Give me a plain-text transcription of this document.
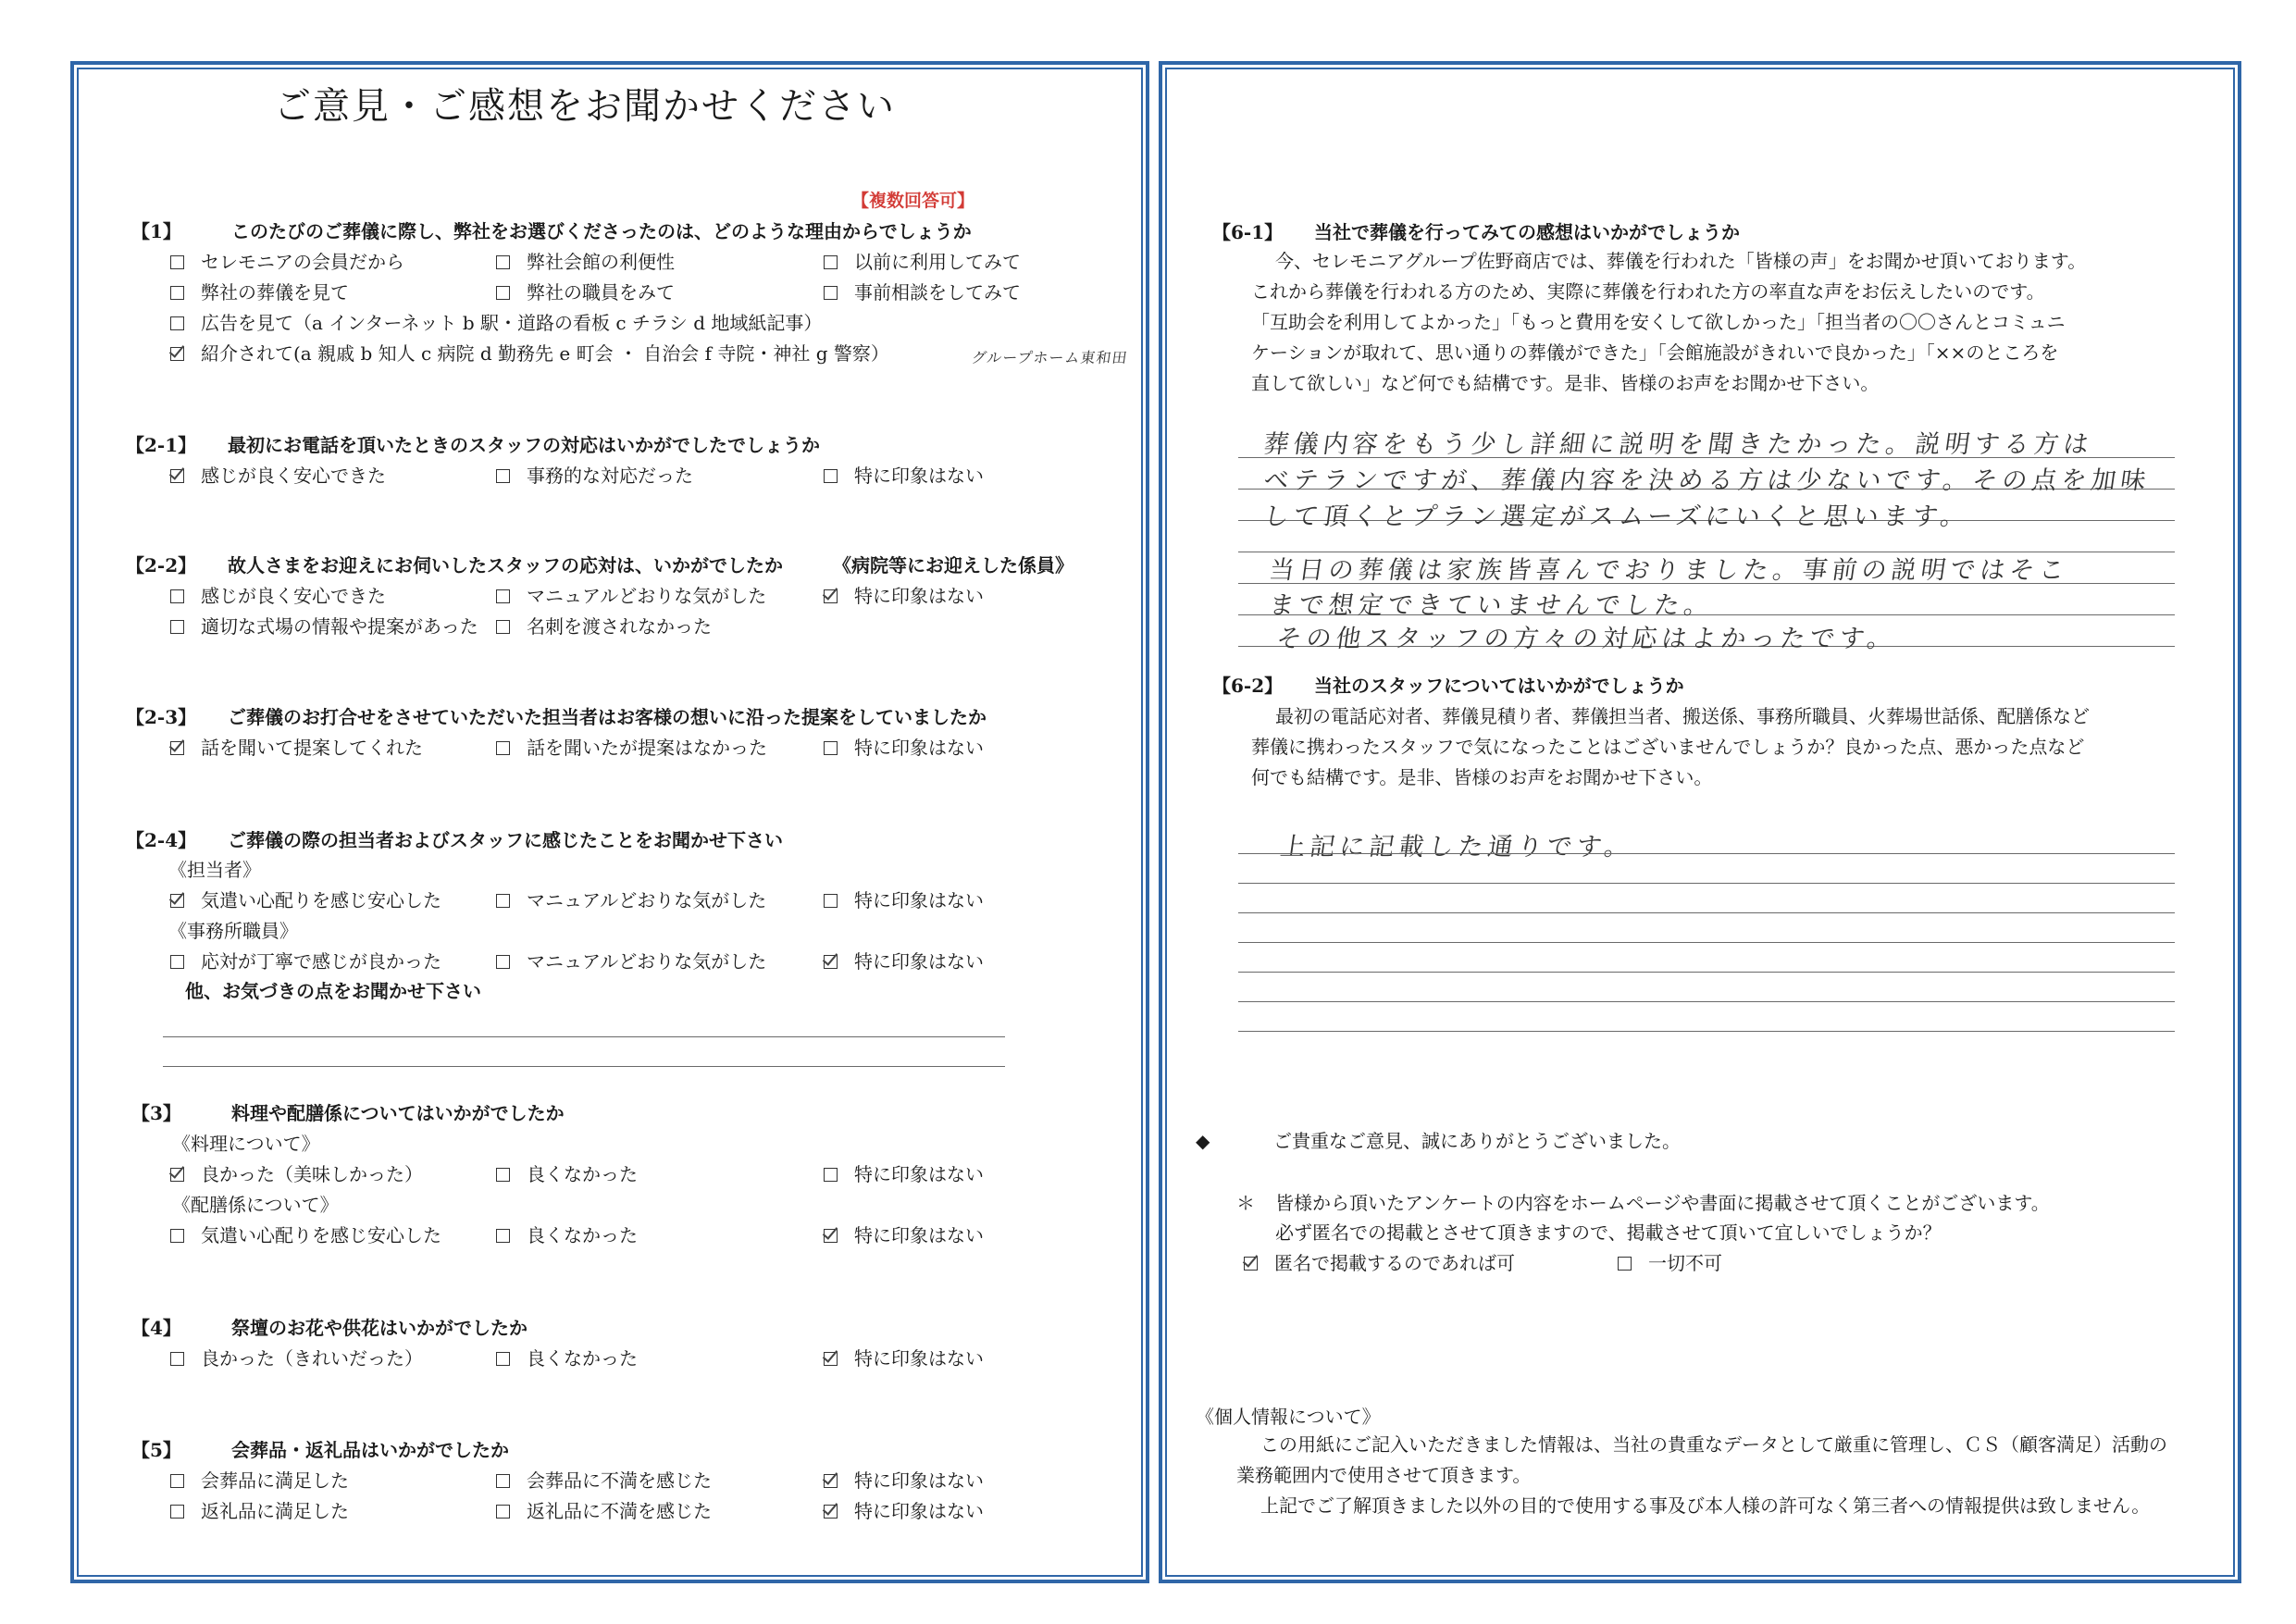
ご意見・ご感想をお聞かせください
【複数回答可】
【1】	このたびのご葬儀に際し、弊社をお選びくださったのは、どのような理由からでしょうか
セレモニアの会員だから	弊社会館の利便性	以前に利用してみて
弊社の葬儀を見て	弊社の職員をみて	事前相談をしてみて
広告を見て（a インターネット b 駅・道路の看板 c チラシ d 地域紙記事）
紹介されて(a 親戚 b 知人 c 病院 d 勤務先 e 町会 ・ 自治会 f 寺院・神社 g 警察）	グループホーム東和田
【2-1】 最初にお電話を頂いたときのスタッフの対応はいかがでしたでしょうか
感じが良く安心できた	事務的な対応だった	特に印象はない
【2-2】 故人さまをお迎えにお伺いしたスタッフの応対は、いかがでしたか	《病院等にお迎えした係員》
感じが良く安心できた	マニュアルどおりな気がした	特に印象はない
適切な式場の情報や提案があった	名刺を渡されなかった
【2-3】 ご葬儀のお打合せをさせていただいた担当者はお客様の想いに沿った提案をしていましたか
話を聞いて提案してくれた	話を聞いたが提案はなかった	特に印象はない
【2-4】 ご葬儀の際の担当者およびスタッフに感じたことをお聞かせ下さい
《担当者》
気遣い心配りを感じ安心した	マニュアルどおりな気がした	特に印象はない
《事務所職員》
応対が丁寧で感じが良かった	マニュアルどおりな気がした	特に印象はない
他、お気づきの点をお聞かせ下さい
【3】	料理や配膳係についてはいかがでしたか
《料理について》
良かった（美味しかった）	良くなかった	特に印象はない
《配膳係について》
気遣い心配りを感じ安心した	良くなかった	特に印象はない
【4】	祭壇のお花や供花はいかがでしたか
良かった（きれいだった）	良くなかった	特に印象はない
【5】	会葬品・返礼品はいかがでしたか
会葬品に満足した	会葬品に不満を感じた	特に印象はない
返礼品に満足した	返礼品に不満を感じた	特に印象はない
【6-1】 当社で葬儀を行ってみての感想はいかがでしょうか
今、セレモニアグループ佐野商店では、葬儀を行われた「皆様の声」をお聞かせ頂いております。
これから葬儀を行われる方のため、実際に葬儀を行われた方の率直な声をお伝えしたいのです。
「互助会を利用してよかった」「もっと費用を安くして欲しかった」「担当者の〇〇さんとコミュニ
ケーションが取れて、思い通りの葬儀ができた」「会館施設がきれいで良かった」「××のところを
直して欲しい」など何でも結構です。是非、皆様のお声をお聞かせ下さい。
葬儀内容をもう少し詳細に説明を聞きたかった。説明する方は
ベテランですが、葬儀内容を決める方は少ないです。その点を加味
して頂くとプラン選定がスムーズにいくと思います。
当日の葬儀は家族皆喜んでおりました。事前の説明ではそこ
まで想定できていませんでした。
その他スタッフの方々の対応はよかったです。
【6-2】 当社のスタッフについてはいかがでしょうか
最初の電話応対者、葬儀見積り者、葬儀担当者、搬送係、事務所職員、火葬場世話係、配膳係など
葬儀に携わったスタッフで気になったことはございませんでしょうか？良かった点、悪かった点など
何でも結構です。是非、皆様のお声をお聞かせ下さい。
上記に記載した通りです。
◆	ご貴重なご意見、誠にありがとうございました。
＊ 皆様から頂いたアンケートの内容をホームページや書面に掲載させて頂くことがございます。
必ず匿名での掲載とさせて頂きますので、掲載させて頂いて宜しいでしょうか？
匿名で掲載するのであれば可	一切不可
《個人情報について》
この用紙にご記入いただきました情報は、当社の貴重なデータとして厳重に管理し、ＣＳ（顧客満足）活動の
業務範囲内で使用させて頂きます。
上記でご了解頂きました以外の目的で使用する事及び本人様の許可なく第三者への情報提供は致しません。
